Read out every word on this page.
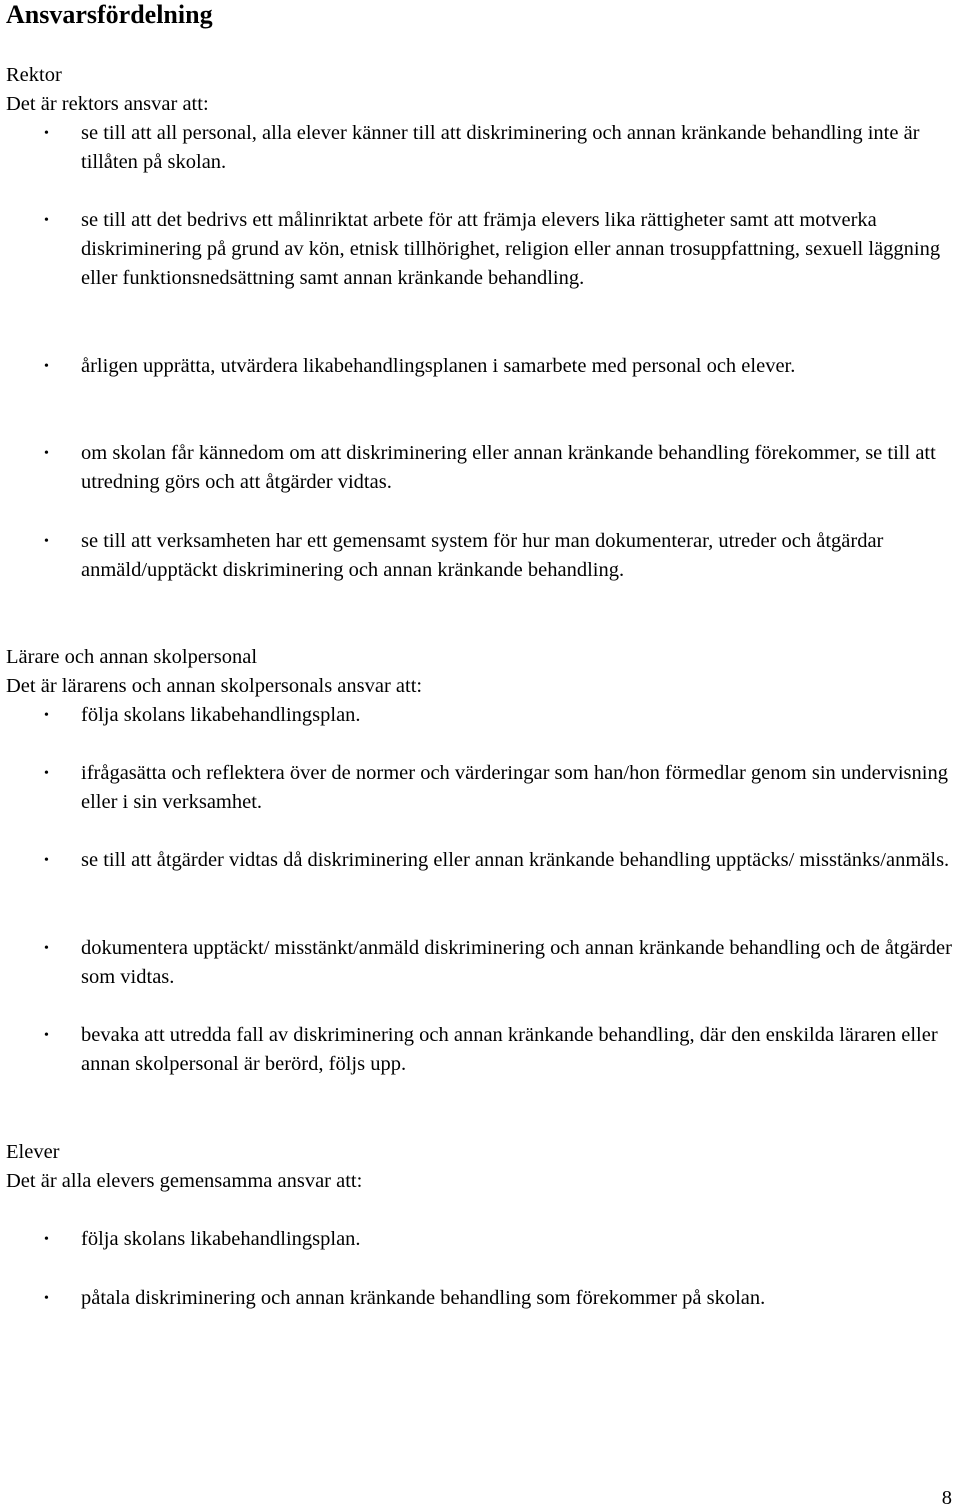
Ansvarsfördelning

Rektor

Det är rektors ansvar att:

• se till att all personal, alla elever känner till att diskriminering och annan kränkande behandling inte är tillåten på skolan.
• se till att det bedrivs ett målinriktat arbete för att främja elevers lika rättigheter samt att motverka diskriminering på grund av kön, etnisk tillhörighet, religion eller annan trosuppfattning, sexuell läggning eller funktionsnedsättning samt annan kränkande behandling.
• årligen upprätta, utvärdera likabehandlingsplanen i samarbete med personal och elever.
• om skolan får kännedom om att diskriminering eller annan kränkande behandling förekommer, se till att utredning görs och att åtgärder vidtas.
• se till att verksamheten har ett gemensamt system för hur man dokumenterar, utreder och åtgärdar anmäld/upptäckt diskriminering och annan kränkande behandling.

Lärare och annan skolpersonal

Det är lärarens och annan skolpersonals ansvar att:

• följa skolans likabehandlingsplan.
• ifrågasätta och reflektera över de normer och värderingar som han/hon förmedlar genom sin undervisning eller i sin verksamhet.
• se till att åtgärder vidtas då diskriminering eller annan kränkande behandling upptäcks/ misstänks/anmäls.
• dokumentera upptäckt/ misstänkt/anmäld diskriminering och annan kränkande behandling och de åtgärder som vidtas.
• bevaka att utredda fall av diskriminering och annan kränkande behandling, där den enskilda läraren eller annan skolpersonal är berörd, följs upp.

Elever

Det är alla elevers gemensamma ansvar att:

• följa skolans likabehandlingsplan.
• påtala diskriminering och annan kränkande behandling som förekommer på skolan.
8
